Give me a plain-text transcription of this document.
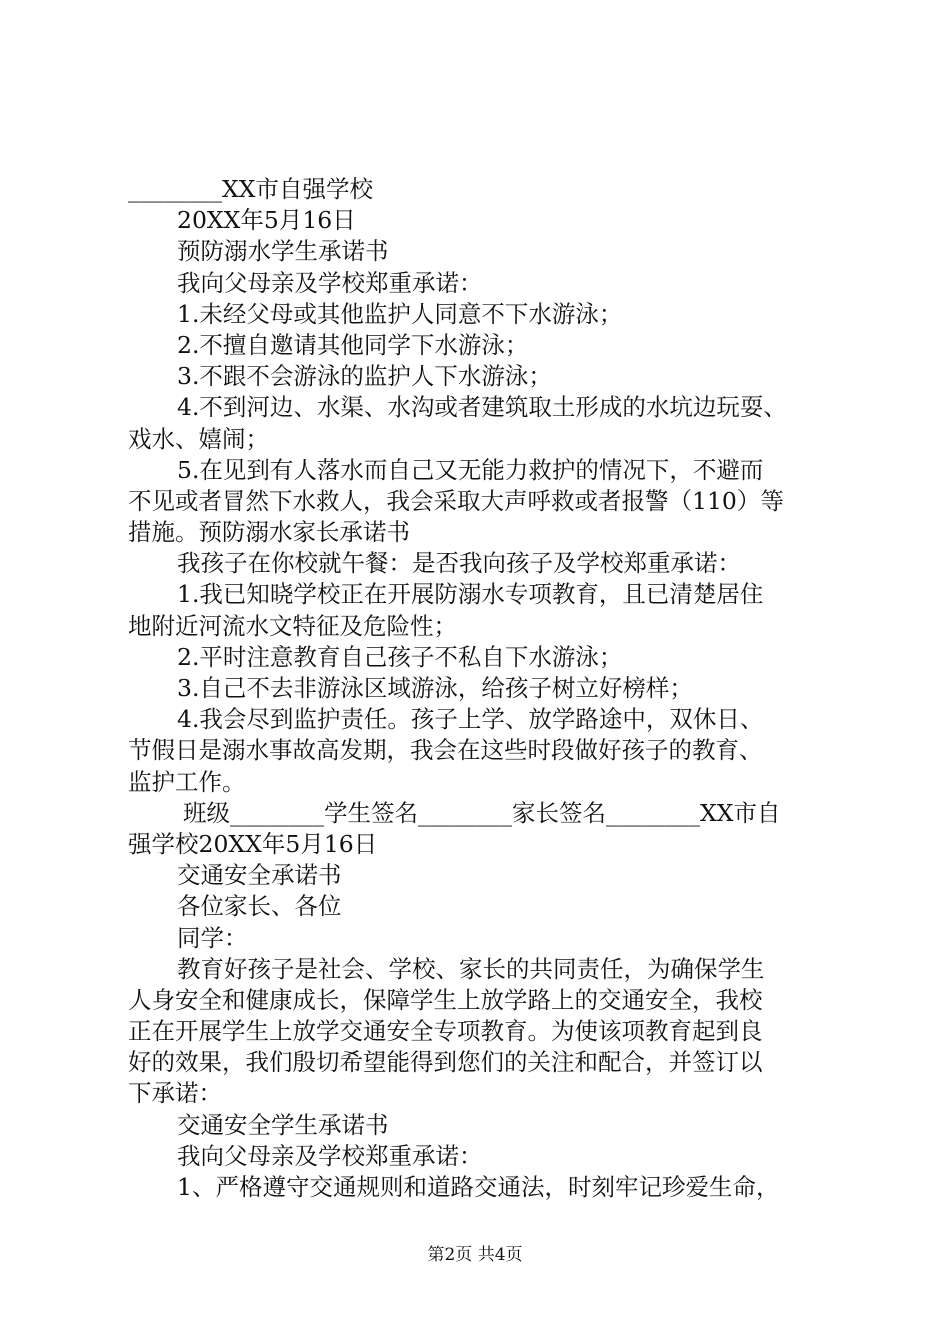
________XX市自强学校
20XX年5月16日
预防溺水学生承诺书
我向父母亲及学校郑重承诺：
1.未经父母或其他监护人同意不下水游泳；
2.不擅自邀请其他同学下水游泳；
3.不跟不会游泳的监护人下水游泳；
4.不到河边、水渠、水沟或者建筑取土形成的水坑边玩耍、
戏水、嬉闹；
5.在见到有人落水而自己又无能力救护的情况下，不避而
不见或者冒然下水救人，我会采取大声呼救或者报警（110）等
措施。预防溺水家长承诺书
我孩子在你校就午餐：是否我向孩子及学校郑重承诺：
1.我已知晓学校正在开展防溺水专项教育，且已清楚居住
地附近河流水文特征及危险性；
2.平时注意教育自己孩子不私自下水游泳；
3.自己不去非游泳区域游泳，给孩子树立好榜样；
4.我会尽到监护责任。孩子上学、放学路途中，双休日、
节假日是溺水事故高发期，我会在这些时段做好孩子的教育、
监护工作。
班级________学生签名________家长签名________XX市自
强学校20XX年5月16日
交通安全承诺书
各位家长、各位
同学：
教育好孩子是社会、学校、家长的共同责任，为确保学生
人身安全和健康成长，保障学生上放学路上的交通安全，我校
正在开展学生上放学交通安全专项教育。为使该项教育起到良
好的效果，我们殷切希望能得到您们的关注和配合，并签订以
下承诺：
交通安全学生承诺书
我向父母亲及学校郑重承诺：
1、严格遵守交通规则和道路交通法，时刻牢记珍爱生命，
第2页 共4页
